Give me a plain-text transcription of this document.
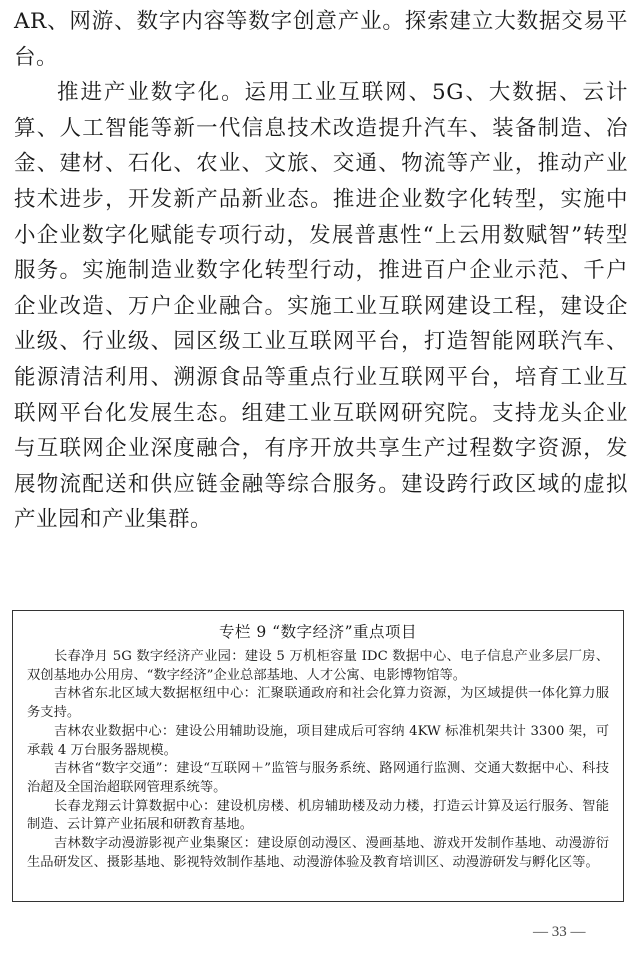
AR、网游、数字内容等数字创意产业。探索建立大数据交易平台。

推进产业数字化。运用工业互联网、5G、大数据、云计算、人工智能等新一代信息技术改造提升汽车、装备制造、冶金、建材、石化、农业、文旅、交通、物流等产业，推动产业技术进步，开发新产品新业态。推进企业数字化转型，实施中小企业数字化赋能专项行动，发展普惠性“上云用数赋智”转型服务。实施制造业数字化转型行动，推进百户企业示范、千户企业改造、万户企业融合。实施工业互联网建设工程，建设企业级、行业级、园区级工业互联网平台，打造智能网联汽车、能源清洁利用、溯源食品等重点行业互联网平台，培育工业互联网平台化发展生态。组建工业互联网研究院。支持龙头企业与互联网企业深度融合，有序开放共享生产过程数字资源，发展物流配送和供应链金融等综合服务。建设跨行政区域的虚拟产业园和产业集群。

专栏 9 “数字经济”重点项目

长春净月 5G 数字经济产业园：建设 5 万机柜容量 IDC 数据中心、电子信息产业多层厂房、双创基地办公用房、“数字经济”企业总部基地、人才公寓、电影博物馆等。

吉林省东北区域大数据枢纽中心：汇聚联通政府和社会化算力资源，为区域提供一体化算力服务支持。

吉林农业数据中心：建设公用辅助设施，项目建成后可容纳 4KW 标准机架共计 3300 架，可承载 4 万台服务器规模。

吉林省“数字交通”：建设“互联网＋”监管与服务系统、路网通行监测、交通大数据中心、科技治超及全国治超联网管理系统等。

长春龙翔云计算数据中心：建设机房楼、机房辅助楼及动力楼，打造云计算及运行服务、智能制造、云计算产业拓展和研教育基地。

吉林数字动漫游影视产业集聚区：建设原创动漫区、漫画基地、游戏开发制作基地、动漫游衍生品研发区、摄影基地、影视特效制作基地、动漫游体验及教育培训区、动漫游研发与孵化区等。

— 33 —
